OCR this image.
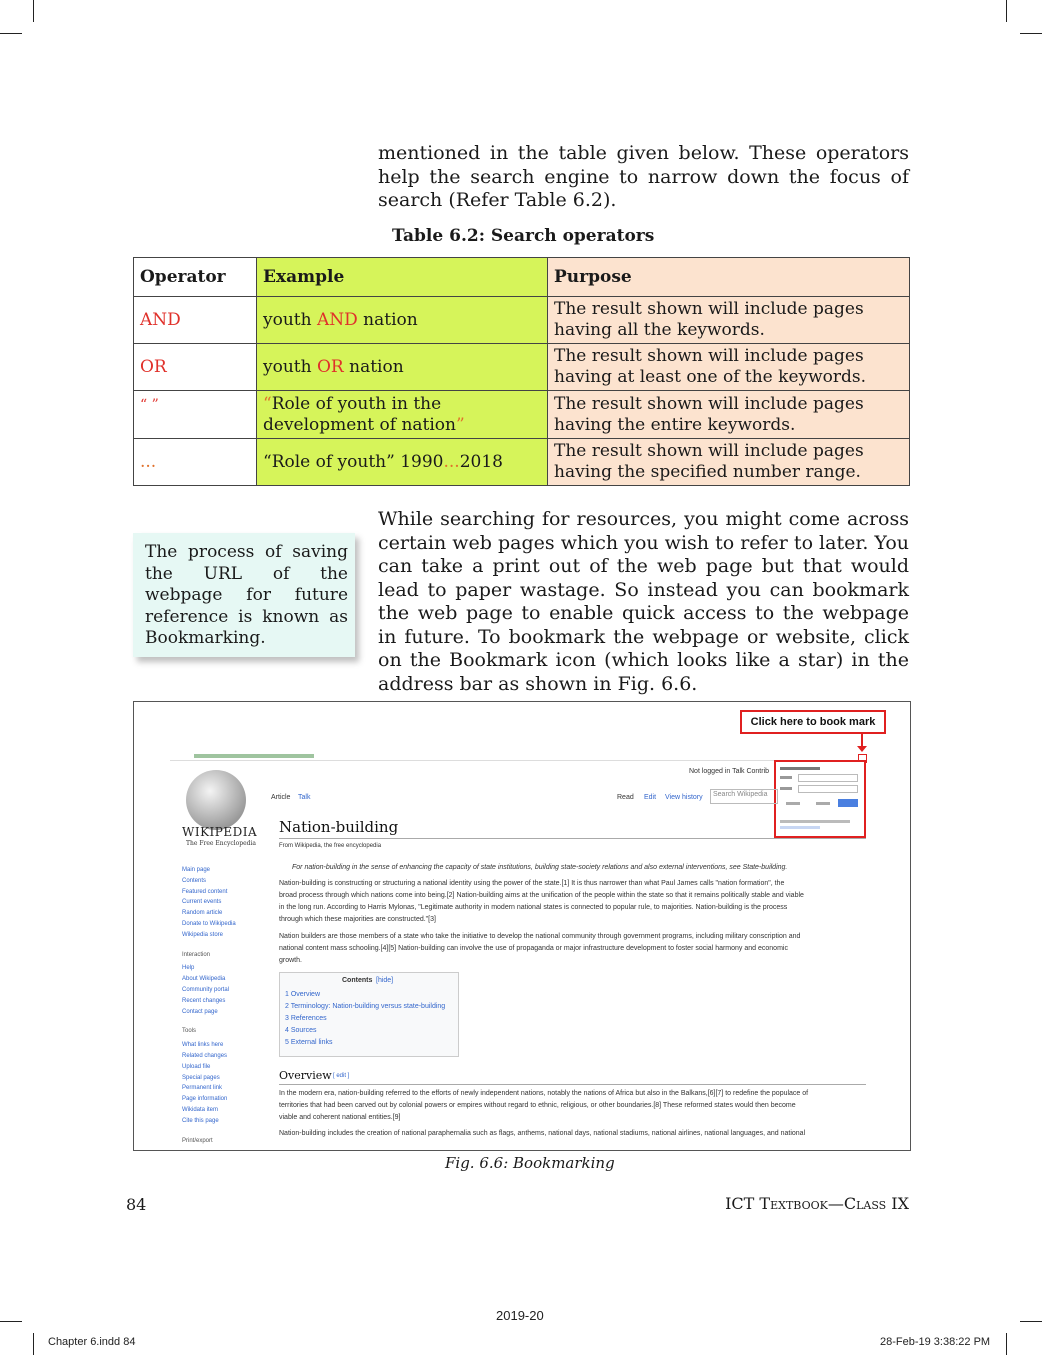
mentioned in the table given below. These operators help the search engine to narrow down the focus of search (Refer Table 6.2).
Table 6.2: Search operators
Operator	Example	Purpose
AND	youth AND nation	The result shown will include pages having all the keywords.
OR	youth OR nation	The result shown will include pages having at least one of the keywords.
“ ”	“Role of youth in the development of nation”	The result shown will include pages having the entire keywords.
...	“Role of youth” 1990...2018	The result shown will include pages having the specified number range.
The process of saving the URL of the webpage for future reference is known as Bookmarking.
While searching for resources, you might come across certain web pages which you wish to refer to later. You can take a print out of the web page but that would lead to paper wastage. So instead you can bookmark the web page to enable quick access to the webpage in future. To bookmark the webpage or website, click on the Bookmark icon (which looks like a star) in the address bar as shown in Fig. 6.6.
Click here to book mark
WIKIPEDIA
The Free Encyclopedia
Article Talk	Read Edit View history	Search Wikipedia
Not logged in Talk Contrib
Nation-building
From Wikipedia, the free encyclopedia
For nation-building in the sense of enhancing the capacity of state institutions, building state-society relations and also external interventions, see State-building.
Nation-building is constructing or structuring a national identity using the power of the state.[1] It is thus narrower than what Paul James calls "nation formation", the
broad process through which nations come into being.[2] Nation-building aims at the unification of the people within the state so that it remains politically stable and viable
in the long run. According to Harris Mylonas, "Legitimate authority in modern national states is connected to popular rule, to majorities. Nation-building is the process
through which these majorities are constructed."[3]
Nation builders are those members of a state who take the initiative to develop the national community through government programs, including military conscription and
national content mass schooling.[4][5] Nation-building can involve the use of propaganda or major infrastructure development to foster social harmony and economic
growth.
Contents [hide]
1 Overview
2 Terminology: Nation-building versus state-building
3 References
4 Sources
5 External links
Overview [ edit ]
In the modern era, nation-building referred to the efforts of newly independent nations, notably the nations of Africa but also in the Balkans,[6][7] to redefine the populace of
territories that had been carved out by colonial powers or empires without regard to ethnic, religious, or other boundaries.[8] These reformed states would then become
viable and coherent national entities.[9]
Nation-building includes the creation of national paraphernalia such as flags, anthems, national days, national stadiums, national airlines, national languages, and national
Main page
Contents
Featured content
Current events
Random article
Donate to Wikipedia
Wikipedia store
Interaction
Help
About Wikipedia
Community portal
Recent changes
Contact page
Tools
What links here
Related changes
Upload file
Special pages
Permanent link
Page information
Wikidata item
Cite this page
Print/export
Fig. 6.6: Bookmarking
84	ICT Textbook—Class IX
2019-20
Chapter 6.indd 84	28-Feb-19 3:38:22 PM
